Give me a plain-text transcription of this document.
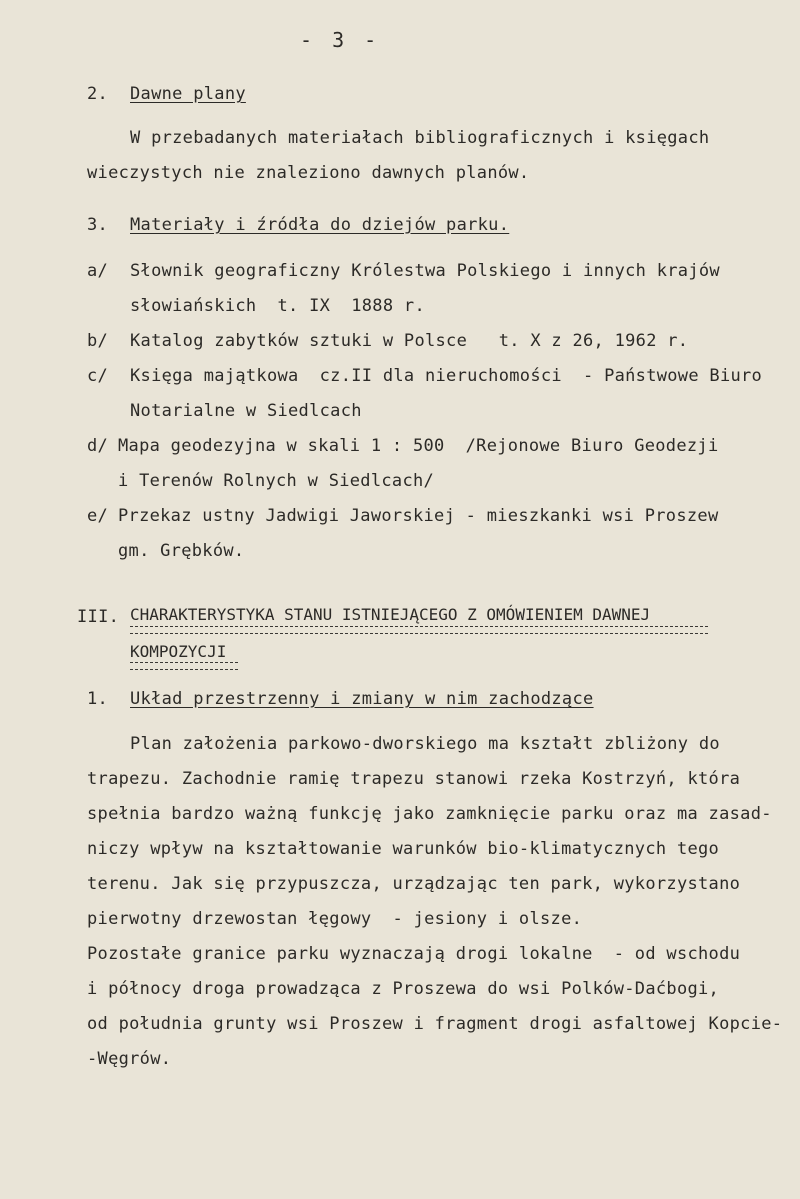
- 3 -
2. Dawne plany
W przebadanych materiałach bibliograficznych i księgach
wieczystych nie znaleziono dawnych planów.
3. Materiały i źródła do dziejów parku.
a/ Słownik geograficzny Królestwa Polskiego i innych krajów
słowiańskich  t. IX  1888 r.
b/ Katalog zabytków sztuki w Polsce   t. X z 26, 1962 r.
c/ Księga majątkowa  cz.II dla nieruchomości  - Państwowe Biuro
Notarialne w Siedlcach
d/ Mapa geodezyjna w skali 1 : 500  /Rejonowe Biuro Geodezji
i Terenów Rolnych w Siedlcach/
e/ Przekaz ustny Jadwigi Jaworskiej - mieszkanki wsi Proszew
gm. Grębków.
III. CHARAKTERYSTYKA STANU ISTNIEJĄCEGO Z OMÓWIENIEM DAWNEJ
KOMPOZYCJI
1. Układ przestrzenny i zmiany w nim zachodzące
Plan założenia parkowo-dworskiego ma kształt zbliżony do
trapezu. Zachodnie ramię trapezu stanowi rzeka Kostrzyń, która
spełnia bardzo ważną funkcję jako zamknięcie parku oraz ma zasad-
niczy wpływ na kształtowanie warunków bio-klimatycznych tego
terenu. Jak się przypuszcza, urządzając ten park, wykorzystano
pierwotny drzewostan łęgowy  - jesiony i olsze.
Pozostałe granice parku wyznaczają drogi lokalne  - od wschodu
i północy droga prowadząca z Proszewa do wsi Polków-Daćbogi,
od południa grunty wsi Proszew i fragment drogi asfaltowej Kopcie-
-Węgrów.
